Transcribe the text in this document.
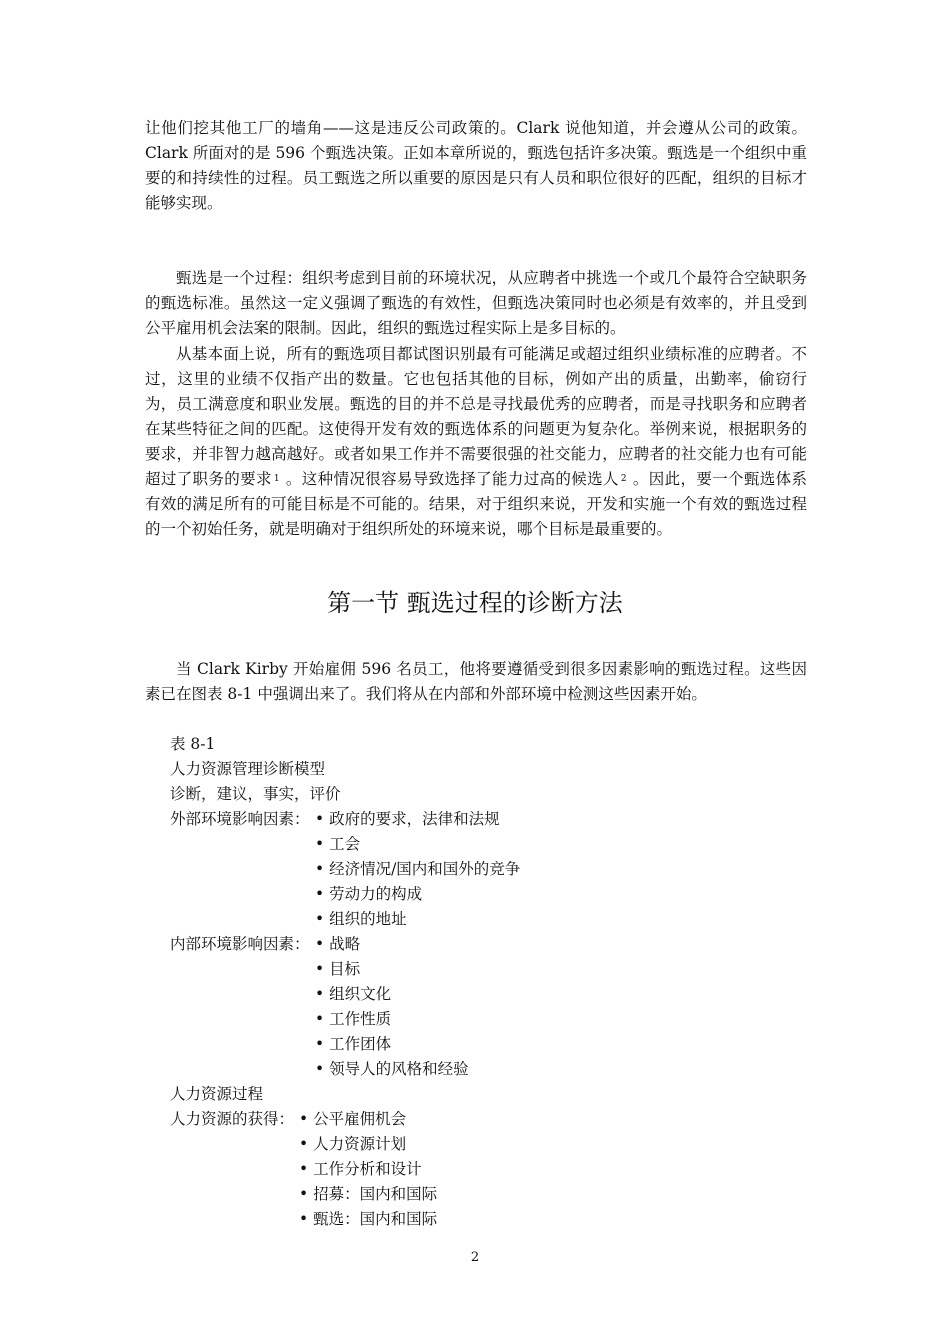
让他们挖其他工厂的墙角——这是违反公司政策的。Clark 说他知道，并会遵从公司的政策。Clark 所面对的是 596 个甄选决策。正如本章所说的，甄选包括许多决策。甄选是一个组织中重要的和持续性的过程。员工甄选之所以重要的原因是只有人员和职位很好的匹配，组织的目标才能够实现。

甄选是一个过程：组织考虑到目前的环境状况，从应聘者中挑选一个或几个最符合空缺职务的甄选标准。虽然这一定义强调了甄选的有效性，但甄选决策同时也必须是有效率的，并且受到公平雇用机会法案的限制。因此，组织的甄选过程实际上是多目标的。

从基本面上说，所有的甄选项目都试图识别最有可能满足或超过组织业绩标准的应聘者。不过，这里的业绩不仅指产出的数量。它也包括其他的目标，例如产出的质量，出勤率，偷窃行为，员工满意度和职业发展。甄选的目的并不总是寻找最优秀的应聘者，而是寻找职务和应聘者在某些特征之间的匹配。这使得开发有效的甄选体系的问题更为复杂化。举例来说，根据职务的要求，并非智力越高越好。或者如果工作并不需要很强的社交能力，应聘者的社交能力也有可能超过了职务的要求 1 。这种情况很容易导致选择了能力过高的候选人 2 。因此，要一个甄选体系有效的满足所有的可能目标是不可能的。结果，对于组织来说，开发和实施一个有效的甄选过程的一个初始任务，就是明确对于组织所处的环境来说，哪个目标是最重要的。

第一节 甄选过程的诊断方法

当 Clark Kirby 开始雇佣 596 名员工，他将要遵循受到很多因素影响的甄选过程。这些因素已在图表 8-1 中强调出来了。我们将从在内部和外部环境中检测这些因素开始。

表 8-1
人力资源管理诊断模型
诊断，建议，事实，评价
外部环境影响因素： • 政府的要求，法律和法规
• 工会
• 经济情况/国内和国外的竞争
• 劳动力的构成
• 组织的地址
内部环境影响因素： • 战略
• 目标
• 组织文化
• 工作性质
• 工作团体
• 领导人的风格和经验
人力资源过程
人力资源的获得： • 公平雇佣机会
• 人力资源计划
• 工作分析和设计
• 招募：国内和国际
• 甄选：国内和国际
2
